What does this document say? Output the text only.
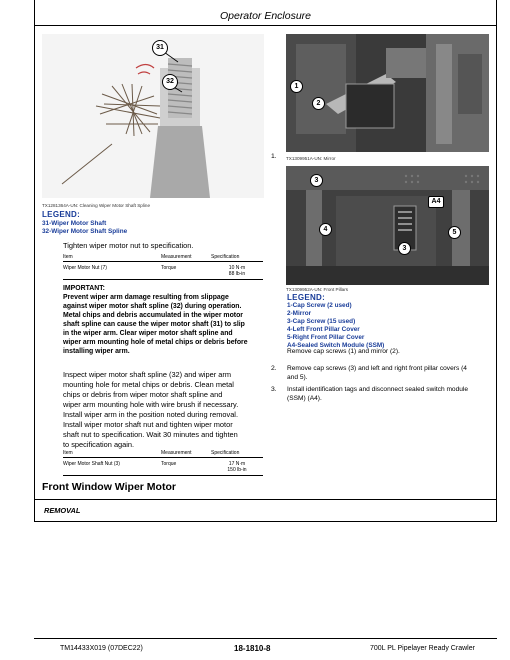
Operator Enclosure
31
32
TX1281364A-UN: Cleaning Wiper Motor Shaft Spline
LEGEND:
31-Wiper Motor Shaft
32-Wiper Motor Shaft Spline
Tighten wiper motor nut to specification.
Item	Measurement	Specification
Wiper Motor Nut (7)	Torque	10 N·m
88 lb-in
IMPORTANT:
Prevent wiper arm damage resulting from slippage
against wiper motor shaft spline (32) during operation.
Metal chips and debris accumulated in the wiper motor
shaft spline can cause the wiper motor shaft (31) to slip
in the wiper arm. Clear wiper motor shaft spline and
wiper arm mounting hole of metal chips or debris before
installing wiper arm.
Inspect wiper motor shaft spline (32) and wiper arm
mounting hole for metal chips or debris. Clean metal
chips or debris from wiper motor shaft spline and
wiper arm mounting hole with wire brush if necessary.
Install wiper arm in the position noted during removal.
Install wiper motor shaft nut and tighten wiper motor
shaft nut to specification. Wait 30 minutes and tighten
to specification again.
Item	Measurement	Specification
Wiper Motor Shaft Nut (3)	Torque	17 N·m
150 lb-in
1
2
1. TX1309951A-UN: Mirror
3
4	5
A4
3
TX1309952A-UN: Front Pillars
LEGEND:
1-Cap Screw (2 used)
2-Mirror
3-Cap Screw (15 used)
4-Left Front Pillar Cover
5-Right Front Pillar Cover
A4-Sealed Switch Module (SSM)
Remove cap screws (1) and mirror (2).
2. Remove cap screws (3) and left and right front pillar covers (4
and 5).
3. Install identification tags and disconnect sealed switch module
(SSM) (A4).
Front Window Wiper Motor
REMOVAL
TM14433X019 (07DEC22)	18-1810-8	700L PL Pipelayer Ready Crawler
